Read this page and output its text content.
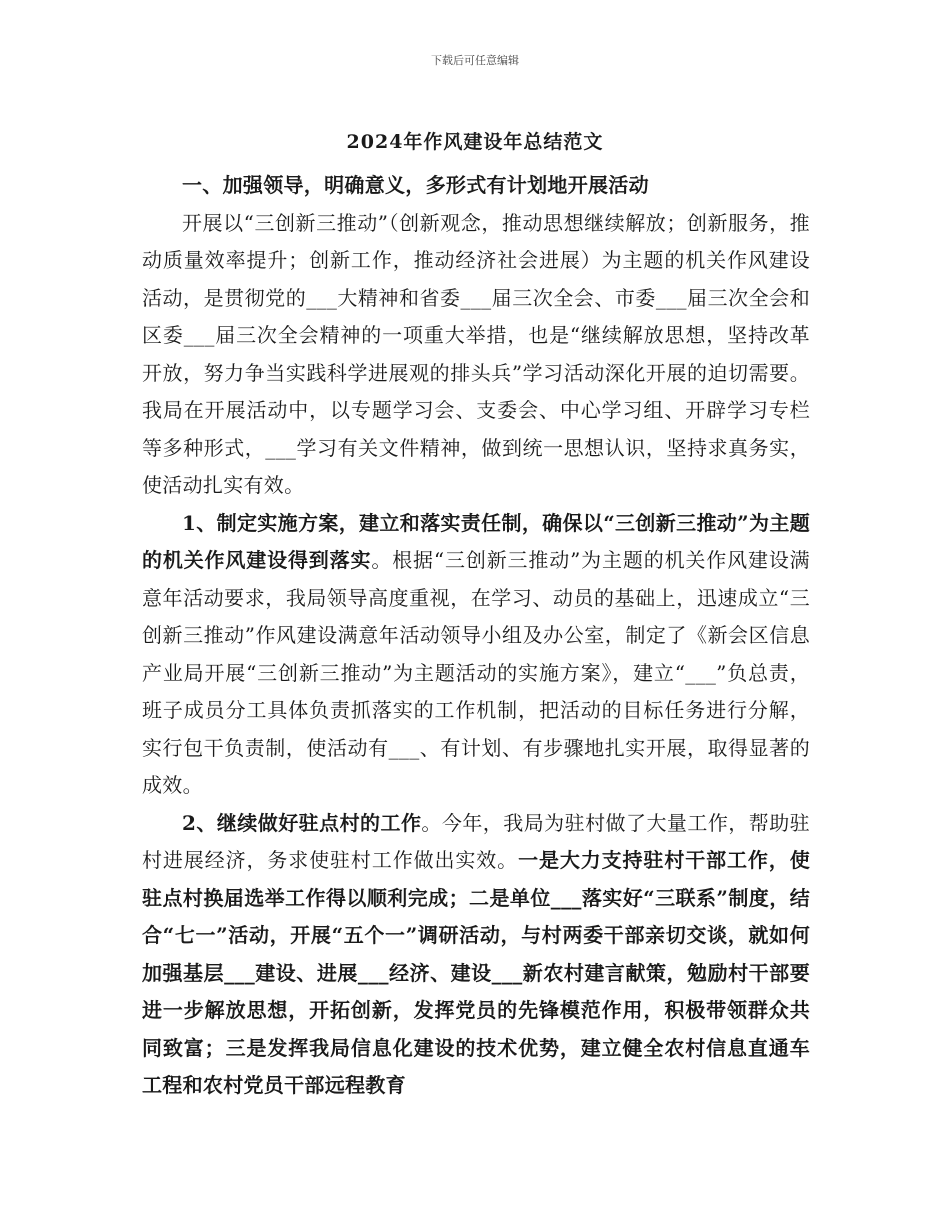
下载后可任意编辑
2024年作风建设年总结范文

一、加强领导，明确意义，多形式有计划地开展活动

开展以“三创新三推动”（创新观念，推动思想继续解放；创新服务，推动质量效率提升；创新工作，推动经济社会进展）为主题的机关作风建设活动，是贯彻党的___大精神和省委___届三次全会、市委___届三次全会和区委___届三次全会精神的一项重大举措，也是“继续解放思想，坚持改革开放，努力争当实践科学进展观的排头兵”学习活动深化开展的迫切需要。我局在开展活动中，以专题学习会、支委会、中心学习组、开辟学习专栏等多种形式，___学习有关文件精神，做到统一思想认识，坚持求真务实，使活动扎实有效。

1、制定实施方案，建立和落实责任制，确保以“三创新三推动”为主题的机关作风建设得到落实。根据“三创新三推动”为主题的机关作风建设满意年活动要求，我局领导高度重视，在学习、动员的基础上，迅速成立“三创新三推动”作风建设满意年活动领导小组及办公室，制定了《新会区信息产业局开展“三创新三推动”为主题活动的实施方案》，建立“___”负总责，班子成员分工具体负责抓落实的工作机制，把活动的目标任务进行分解，实行包干负责制，使活动有___、有计划、有步骤地扎实开展，取得显著的成效。

2、继续做好驻点村的工作。今年，我局为驻村做了大量工作，帮助驻村进展经济，务求使驻村工作做出实效。一是大力支持驻村干部工作，使驻点村换届选举工作得以顺利完成；二是单位___落实好“三联系”制度，结合“七一”活动，开展“五个一”调研活动，与村两委干部亲切交谈，就如何加强基层___建设、进展___经济、建设___新农村建言献策，勉励村干部要进一步解放思想，开拓创新，发挥党员的先锋模范作用，积极带领群众共同致富；三是发挥我局信息化建设的技术优势，建立健全农村信息直通车工程和农村党员干部远程教育
